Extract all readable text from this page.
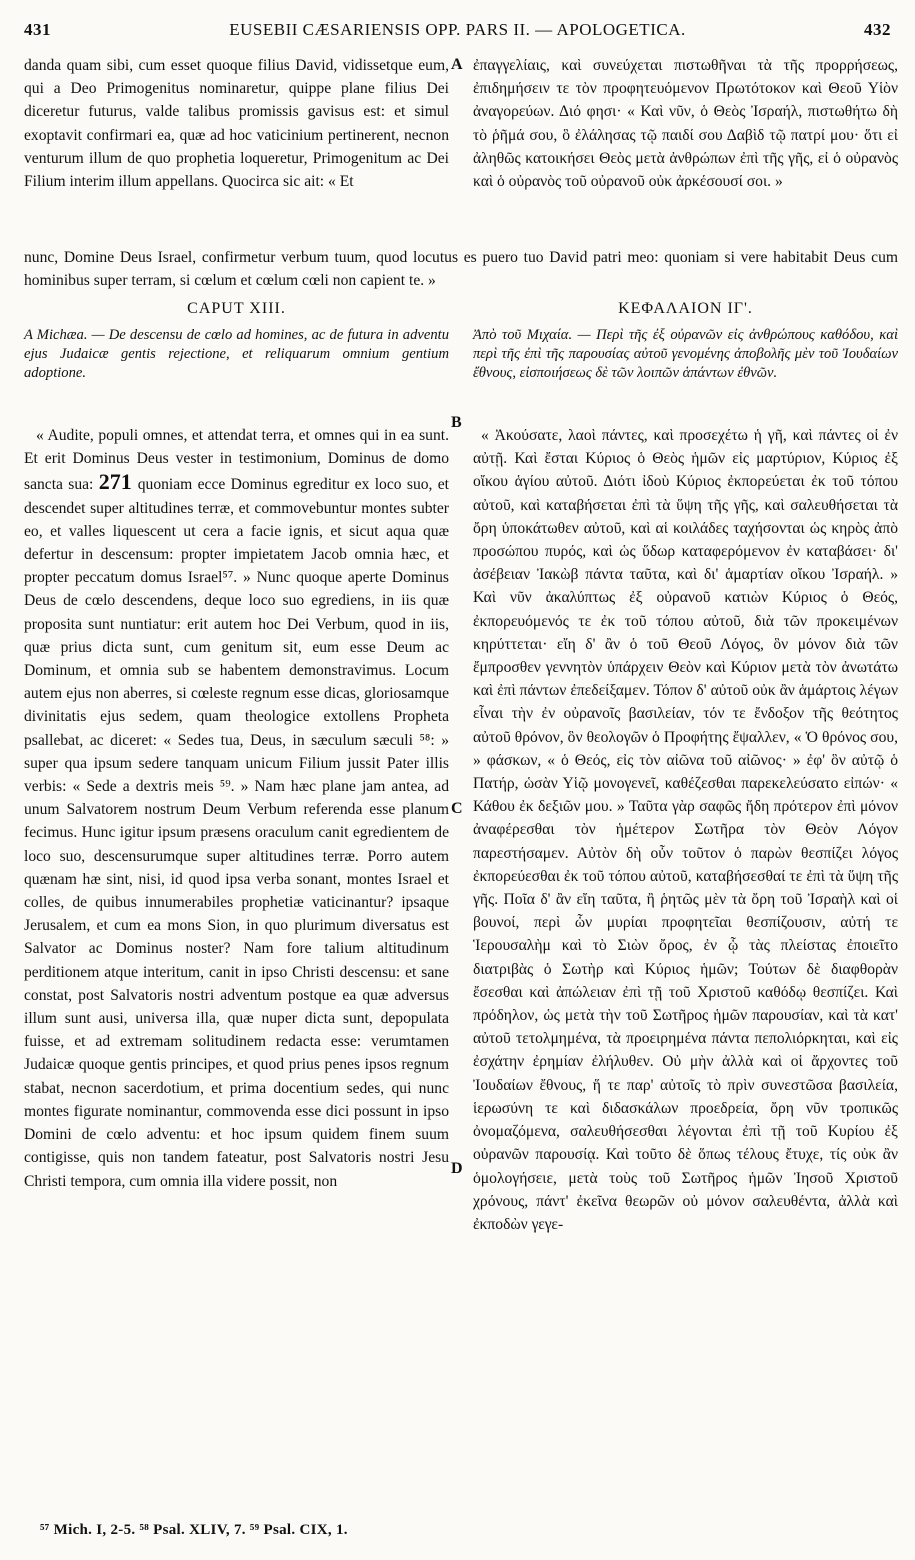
431	EUSEBII CÆSARIENSIS OPP. PARS II. — APOLOGETICA.	432

danda quam sibi, cum esset quoque filius David, vidissetque eum, qui a Deo Primogenitus nominaretur, quippe plane filius Dei diceretur futurus, valde talibus promissis gavisus est: et simul exoptavit confirmari ea, quæ ad hoc vaticinium pertinerent, necnon venturum illum de quo prophetia loqueretur, Primogenitum ac Dei Filium interim illum appellans. Quocirca sic ait: « Et

A ἐπαγγελίαις, καὶ συνεύχεται πιστωθῆναι τὰ τῆς προρρήσεως, ἐπιδημήσειν τε τὸν προφητευόμενον Πρωτότοκον καὶ Θεοῦ Υἱὸν ἀναγορεύων. Διό φησι· « Καὶ νῦν, ὁ Θεὸς Ἰσραήλ, πιστωθήτω δὴ τὸ ῥῆμά σου, ὃ ἐλάλησας τῷ παιδί σου Δαβὶδ τῷ πατρί μου· ὅτι εἰ ἀληθῶς κατοικήσει Θεὸς μετὰ ἀνθρώπων ἐπὶ τῆς γῆς, εἰ ὁ οὐρανὸς καὶ ὁ οὐρανὸς τοῦ οὐρανοῦ οὐκ ἀρκέσουσί σοι. »

nunc, Domine Deus Israel, confirmetur verbum tuum, quod locutus es puero tuo David patri meo: quoniam si vere habitabit Deus cum hominibus super terram, si cœlum et cœlum cœli non capient te. »

CAPUT XIII.	ΚΕΦΑΛΑΙΟΝ ΙΓ'.

A Michæa. — De descensu de cœlo ad homines, ac de futura in adventu ejus Judaicæ gentis rejectione, et reliquarum omnium gentium adoptione.

Ἀπὸ τοῦ Μιχαία. — Περὶ τῆς ἐξ οὐρανῶν εἰς ἀνθρώπους καθόδου, καὶ περὶ τῆς ἐπὶ τῆς παρουσίας αὐτοῦ γενομένης ἀποβολῆς μὲν τοῦ Ἰουδαίων ἔθνους, εἰσποιήσεως δὲ τῶν λοιπῶν ἁπάντων ἐθνῶν.

B
C
D

« Audite, populi omnes, et attendat terra, et omnes qui in ea sunt. Et erit Dominus Deus vester in testimonium, Dominus de domo sancta sua: 271 quoniam ecce Dominus egreditur ex loco suo, et descendet super altitudines terræ, et commovebuntur montes subter eo, et valles liquescent ut cera a facie ignis, et sicut aqua quæ defertur in descensum: propter impietatem Jacob omnia hæc, et propter peccatum domus Israel⁵⁷. » Nunc quoque aperte Dominus Deus de cœlo descendens, deque loco suo egrediens, in iis quæ proposita sunt nuntiatur: erit autem hoc Dei Verbum, quod in iis, quæ prius dicta sunt, cum genitum sit, eum esse Deum ac Dominum, et omnia sub se habentem demonstravimus. Locum autem ejus non aberres, si cœleste regnum esse dicas, gloriosamque divinitatis ejus sedem, quam theologice extollens Propheta psallebat, ac diceret: « Sedes tua, Deus, in sæculum sæculi ⁵⁸: » super qua ipsum sedere tanquam unicum Filium jussit Pater illis verbis: « Sede a dextris meis ⁵⁹. » Nam hæc plane jam antea, ad unum Salvatorem nostrum Deum Verbum referenda esse planum fecimus. Hunc igitur ipsum præsens oraculum canit egredientem de loco suo, descensurumque super altitudines terræ. Porro autem quænam hæ sint, nisi, id quod ipsa verba sonant, montes Israel et colles, de quibus innumerabiles prophetiæ vaticinantur? ipsaque Jerusalem, et cum ea mons Sion, in quo plurimum diversatus est Salvator ac Dominus noster? Nam fore talium altitudinum perditionem atque interitum, canit in ipso Christi descensu: et sane constat, post Salvatoris nostri adventum postque ea quæ adversus illum sunt ausi, universa illa, quæ nuper dicta sunt, depopulata fuisse, et ad extremam solitudinem redacta esse: verumtamen Judaicæ quoque gentis principes, et quod prius penes ipsos regnum stabat, necnon sacerdotium, et prima docentium sedes, qui nunc montes figurate nominantur, commovenda esse dici possunt in ipso Domini de cœlo adventu: et hoc ipsum quidem finem suum contigisse, quis non tandem fateatur, post Salvatoris nostri Jesu Christi tempora, cum omnia illa videre possit, non

« Ἀκούσατε, λαοὶ πάντες, καὶ προσεχέτω ἡ γῆ, καὶ πάντες οἱ ἐν αὐτῇ. Καὶ ἔσται Κύριος ὁ Θεὸς ἡμῶν εἰς μαρτύριον, Κύριος ἐξ οἴκου ἁγίου αὐτοῦ. Διότι ἰδοὺ Κύριος ἐκπορεύεται ἐκ τοῦ τόπου αὐτοῦ, καὶ καταβήσεται ἐπὶ τὰ ὕψη τῆς γῆς, καὶ σαλευθήσεται τὰ ὄρη ὑποκάτωθεν αὐτοῦ, καὶ αἱ κοιλάδες ταχήσονται ὡς κηρὸς ἀπὸ προσώπου πυρός, καὶ ὡς ὕδωρ καταφερόμενον ἐν καταβάσει· δι' ἀσέβειαν Ἰακὼβ πάντα ταῦτα, καὶ δι' ἁμαρτίαν οἴκου Ἰσραήλ. » Καὶ νῦν ἀκαλύπτως ἐξ οὐρανοῦ κατιὼν Κύριος ὁ Θεός, ἐκπορευόμενός τε ἐκ τοῦ τόπου αὐτοῦ, διὰ τῶν προκειμένων κηρύττεται· εἴη δ' ἂν ὁ τοῦ Θεοῦ Λόγος, ὃν μόνον διὰ τῶν ἔμπροσθεν γεννητὸν ὑπάρχειν Θεὸν καὶ Κύριον μετὰ τὸν ἀνωτάτω καὶ ἐπὶ πάντων ἐπεδείξαμεν. Τόπον δ' αὐτοῦ οὐκ ἂν ἁμάρτοις λέγων εἶναι τὴν ἐν οὐρανοῖς βασιλείαν, τόν τε ἔνδοξον τῆς θεότητος αὐτοῦ θρόνον, ὃν θεολογῶν ὁ Προφήτης ἔψαλλεν, « Ὁ θρόνος σου, » φάσκων, « ὁ Θεός, εἰς τὸν αἰῶνα τοῦ αἰῶνος· » ἐφ' ὃν αὐτῷ ὁ Πατήρ, ὡσὰν Υἱῷ μονογενεῖ, καθέζεσθαι παρεκελεύσατο εἰπών· « Κάθου ἐκ δεξιῶν μου. » Ταῦτα γὰρ σαφῶς ἤδη πρότερον ἐπὶ μόνον ἀναφέρεσθαι τὸν ἡμέτερον Σωτῆρα τὸν Θεὸν Λόγον παρεστήσαμεν. Αὐτὸν δὴ οὖν τοῦτον ὁ παρὼν θεσπίζει λόγος ἐκπορεύεσθαι ἐκ τοῦ τόπου αὐτοῦ, καταβήσεσθαί τε ἐπὶ τὰ ὕψη τῆς γῆς. Ποῖα δ' ἂν εἴη ταῦτα, ἢ ῥητῶς μὲν τὰ ὄρη τοῦ Ἰσραὴλ καὶ οἱ βουνοί, περὶ ὧν μυρίαι προφητεῖαι θεσπίζουσιν, αὐτή τε Ἱερουσαλὴμ καὶ τὸ Σιὼν ὄρος, ἐν ᾧ τὰς πλείστας ἐποιεῖτο διατριβὰς ὁ Σωτὴρ καὶ Κύριος ἡμῶν; Τούτων δὲ διαφθορὰν ἔσεσθαι καὶ ἀπώλειαν ἐπὶ τῇ τοῦ Χριστοῦ καθόδῳ θεσπίζει. Καὶ πρόδηλον, ὡς μετὰ τὴν τοῦ Σωτῆρος ἡμῶν παρουσίαν, καὶ τὰ κατ' αὐτοῦ τετολμημένα, τὰ προειρημένα πάντα πεπολιόρκηται, καὶ εἰς ἐσχάτην ἐρημίαν ἐλήλυθεν. Οὐ μὴν ἀλλὰ καὶ οἱ ἄρχοντες τοῦ Ἰουδαίων ἔθνους, ἥ τε παρ' αὐτοῖς τὸ πρὶν συνεστῶσα βασιλεία, ἱερωσύνη τε καὶ διδασκάλων προεδρεία, ὄρη νῦν τροπικῶς ὀνομαζόμενα, σαλευθήσεσθαι λέγονται ἐπὶ τῇ τοῦ Κυρίου ἐξ οὐρανῶν παρουσίᾳ. Καὶ τοῦτο δὲ ὅπως τέλους ἔτυχε, τίς οὐκ ἂν ὁμολογήσειε, μετὰ τοὺς τοῦ Σωτῆρος ἡμῶν Ἰησοῦ Χριστοῦ χρόνους, πάντ' ἐκεῖνα θεωρῶν οὐ μόνον σαλευθέντα, ἀλλὰ καὶ ἐκποδὼν γεγε-

⁵⁷ Mich. I, 2-5. ⁵⁸ Psal. XLIV, 7. ⁵⁹ Psal. CIX, 1.
